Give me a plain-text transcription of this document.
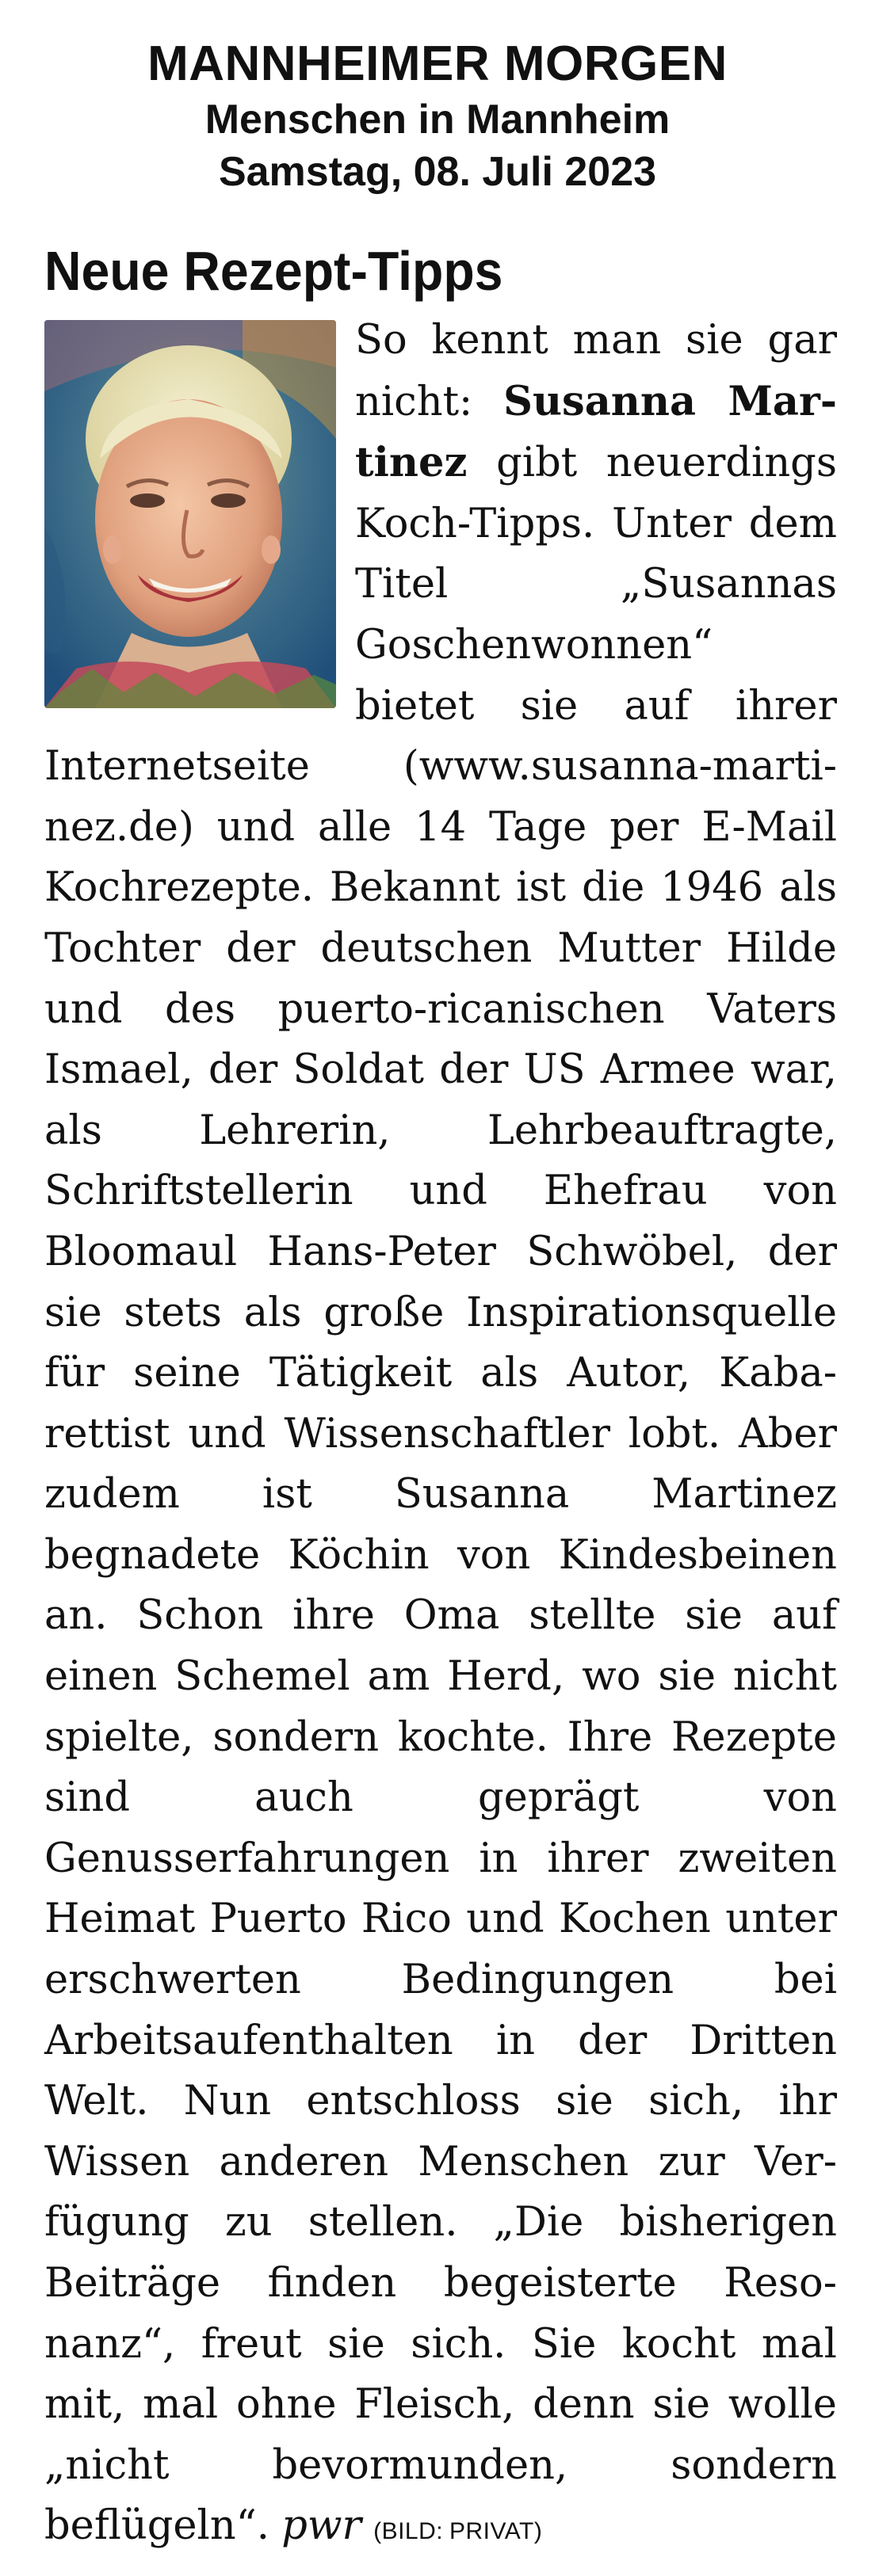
MANNHEIMER MORGEN
Menschen in Mannheim
Samstag, 08. Juli 2023
Neue Rezept-Tipps
So kennt man sie gar nicht: Susanna Martinez gibt neuerdings Koch-Tipps. Unter dem Titel „Susannas Goschenwonnen“ bietet sie auf ihrer Internetseite (www.susanna-martinez.de) und alle 14 Tage per E-Mail Kochrezepte. Bekannt ist die 1946 als Tochter der deutschen Mutter Hilde und des puerto-ricanischen Vaters Ismael, der Soldat der US Armee war, als Lehrerin, Lehrbeauftragte, Schriftstellerin und Ehefrau von Bloomaul Hans-Peter Schwöbel, der sie stets als große Inspirationsquelle für seine Tätigkeit als Autor, Kabarettist und Wissenschaftler lobt. Aber zudem ist Susanna Martinez begnadete Köchin von Kindesbeinen an. Schon ihre Oma stellte sie auf einen Schemel am Herd, wo sie nicht spielte, sondern kochte. Ihre Rezepte sind auch geprägt von Genusserfahrungen in ihrer zweiten Heimat Puerto Rico und Kochen unter erschwerten Bedingungen bei Arbeitsaufenthalten in der Dritten Welt. Nun entschloss sie sich, ihr Wissen anderen Menschen zur Verfügung zu stellen. „Die bisherigen Beiträge finden begeisterte Resonanz“, freut sie sich. Sie kocht mal mit, mal ohne Fleisch, denn sie wolle „nicht bevormunden, sondern beflügeln“. pwr (BILD: PRIVAT)
